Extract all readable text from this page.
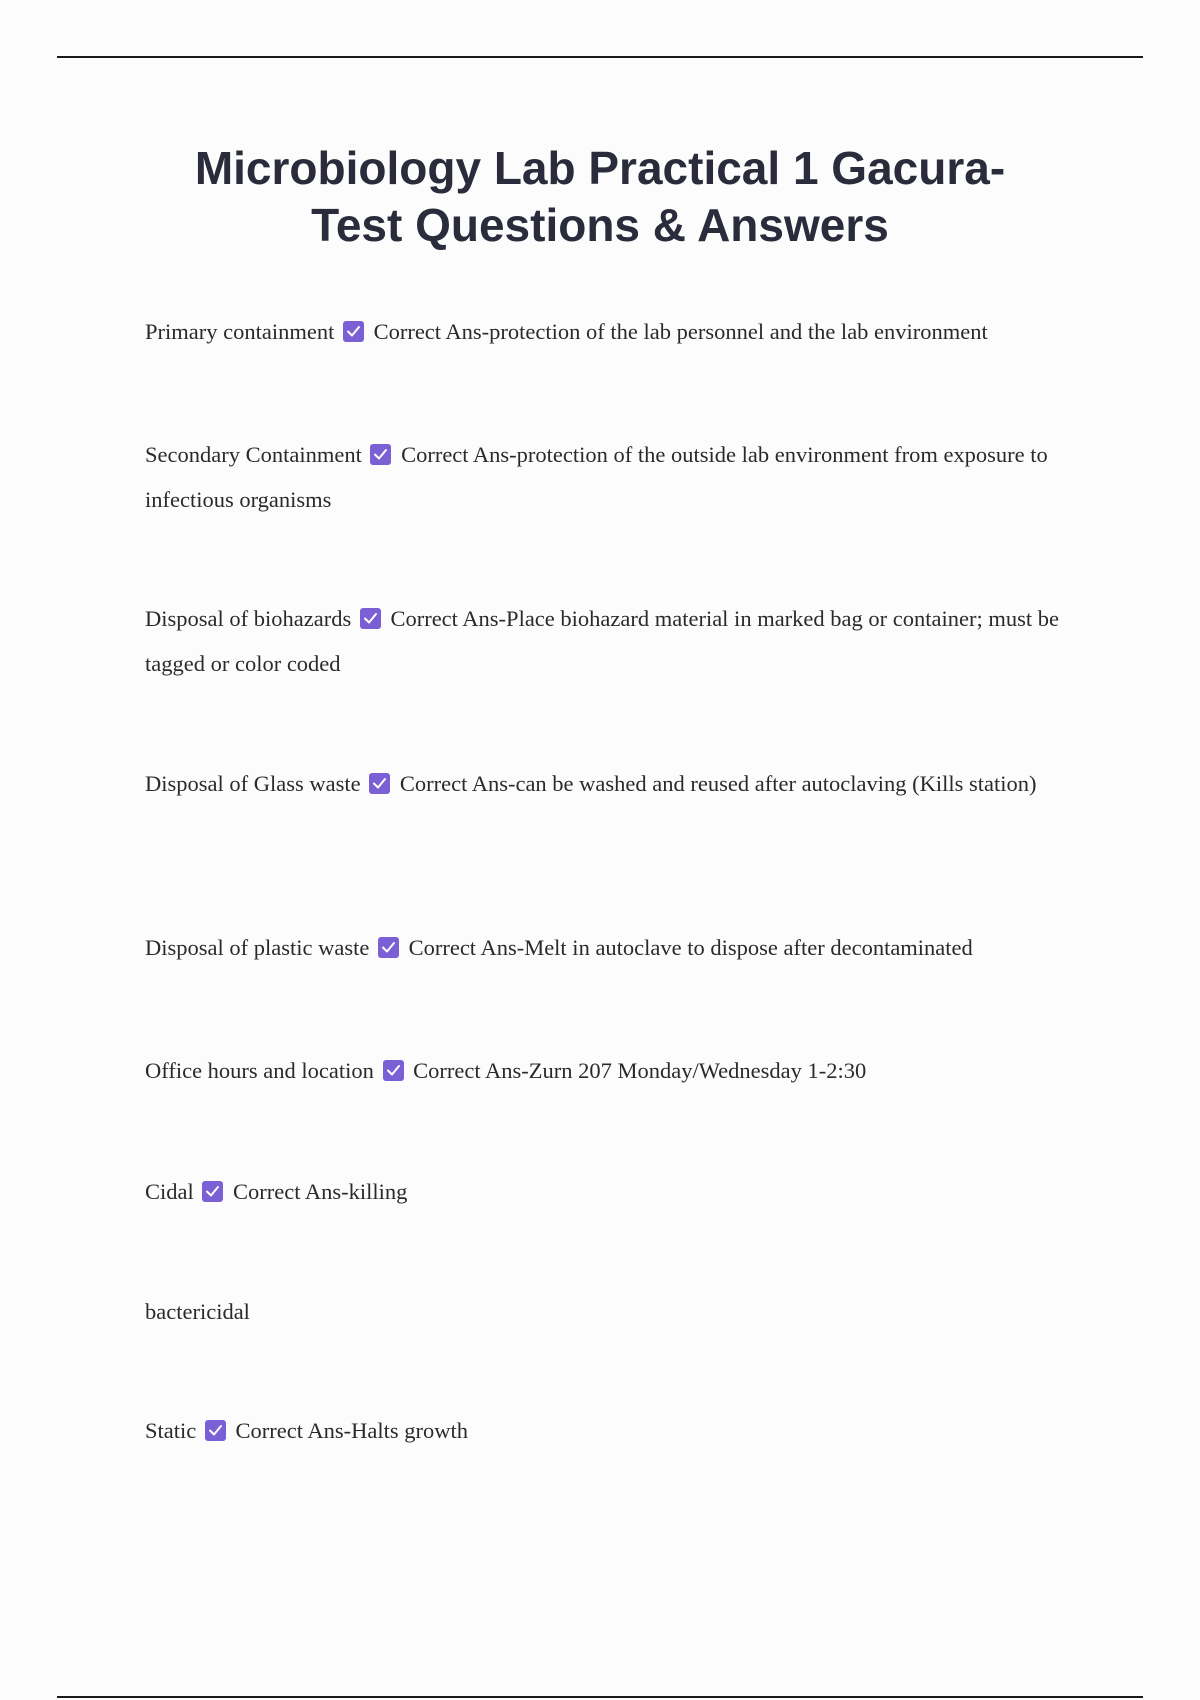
Microbiology Lab Practical 1 Gacura-
Test Questions & Answers

Primary containment Correct Ans-protection of the lab personnel and the lab environment

Secondary Containment Correct Ans-protection of the outside lab environment from exposure to infectious organisms

Disposal of biohazards Correct Ans-Place biohazard material in marked bag or container; must be tagged or color coded

Disposal of Glass waste Correct Ans-can be washed and reused after autoclaving (Kills station)

Disposal of plastic waste Correct Ans-Melt in autoclave to dispose after decontaminated

Office hours and location Correct Ans-Zurn 207 Monday/Wednesday 1-2:30

Cidal Correct Ans-killing

bactericidal

Static Correct Ans-Halts growth
